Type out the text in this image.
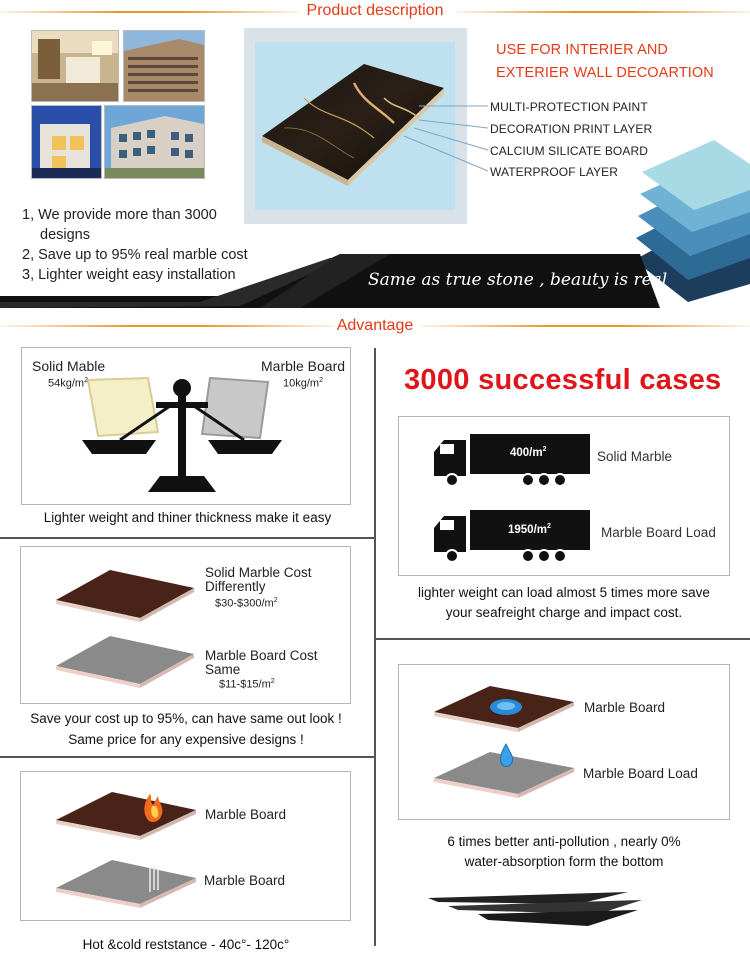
Product description
USE FOR INTERIER AND
EXTERIER WALL DECOARTION
MULTI-PROTECTION PAINT
DECORATION PRINT LAYER
CALCIUM SILICATE BOARD
WATERPROOF LAYER
1, We provide more than 3000
designs
2, Save up to 95% real marble cost
3, Lighter weight easy installation	Same as true stone , beauty is real
Advantage
Solid Mable
$54kg/m^2$
Marble Board
$10kg/m^2$
Lighter weight and thiner thickness make it easy
3000 successful cases
$400/m^2$	Solid Marble
$1950/m^2$	Marble Board Load
lighter weight can load almost 5 times more save
your seafreight charge and impact cost.
Solid Marble Cost
Differently
$\$30-\$300/m^2$
Marble Board Cost
Same
$\$11-\$15/m^2$
Save your cost up to 95%, can have same out look !
Same price for any expensive designs !
Marble Board
Marble Board Load
6 times better anti-pollution , nearly 0%
water-absorption form the bottom
Marble Board
Marble Board
Hot &cold reststance - 40c°- 120c°
